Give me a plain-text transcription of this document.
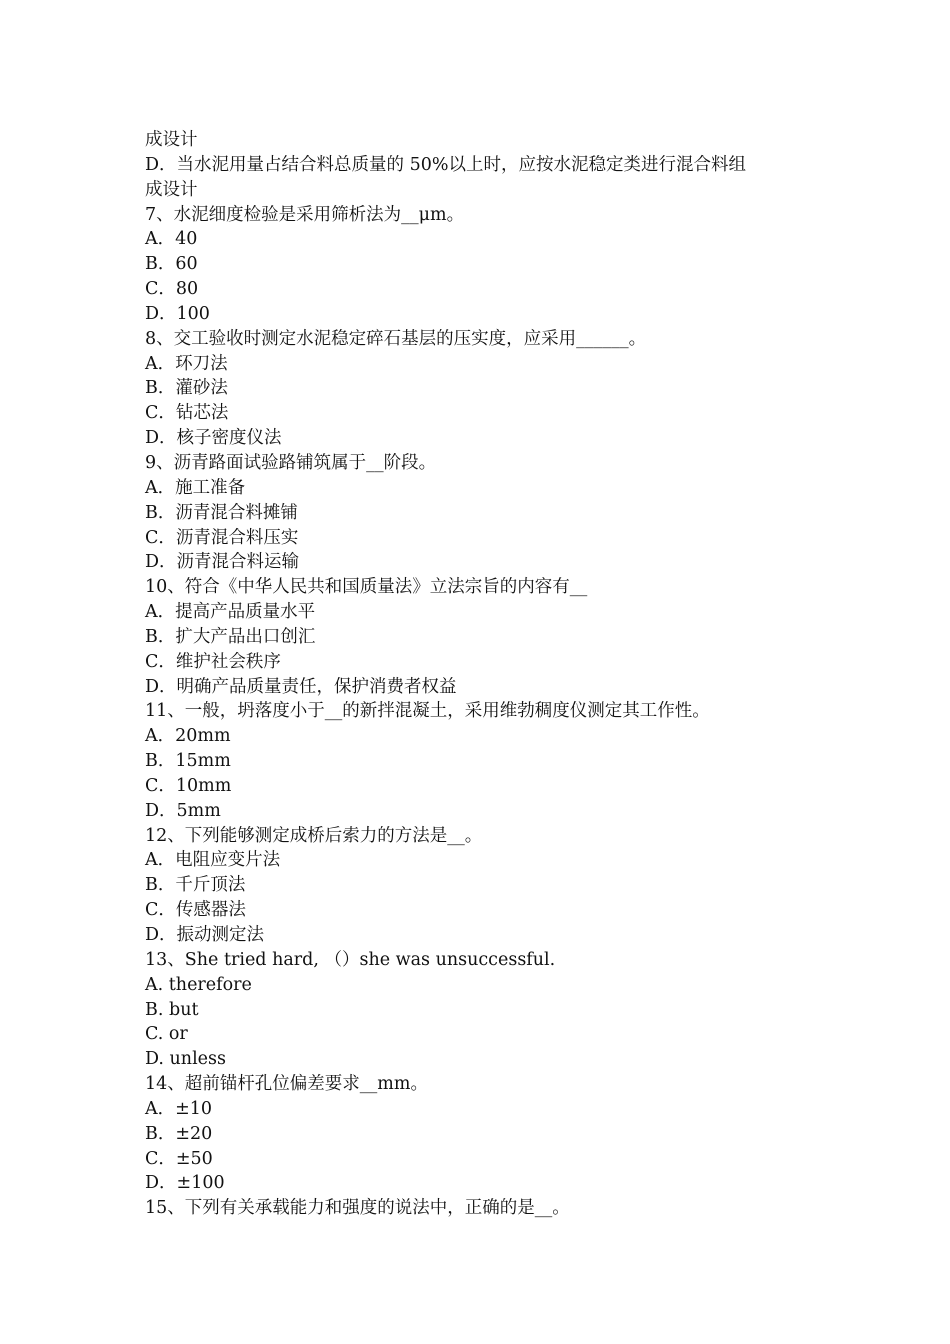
成设计
D．当水泥用量占结合料总质量的 50%以上时，应按水泥稳定类进行混合料组
成设计
7、水泥细度检验是采用筛析法为__μm。
A．40
B．60
C．80
D．100
8、交工验收时测定水泥稳定碎石基层的压实度，应采用______。
A．环刀法
B．灌砂法
C．钻芯法
D．核子密度仪法
9、沥青路面试验路铺筑属于__阶段。
A．施工准备
B．沥青混合料摊铺
C．沥青混合料压实
D．沥青混合料运输
10、符合《中华人民共和国质量法》立法宗旨的内容有__
A．提高产品质量水平
B．扩大产品出口创汇
C．维护社会秩序
D．明确产品质量责任，保护消费者权益
11、一般，坍落度小于__的新拌混凝土，采用维勃稠度仪测定其工作性。
A．20mm
B．15mm
C．10mm
D．5mm
12、下列能够测定成桥后索力的方法是__。
A．电阻应变片法
B．千斤顶法
C．传感器法
D．振动测定法
13、She tried hard, （）she was unsuccessful.
A. therefore
B. but
C. or
D. unless
14、超前锚杆孔位偏差要求__mm。
A．±10
B．±20
C．±50
D．±100
15、下列有关承载能力和强度的说法中，正确的是__。
